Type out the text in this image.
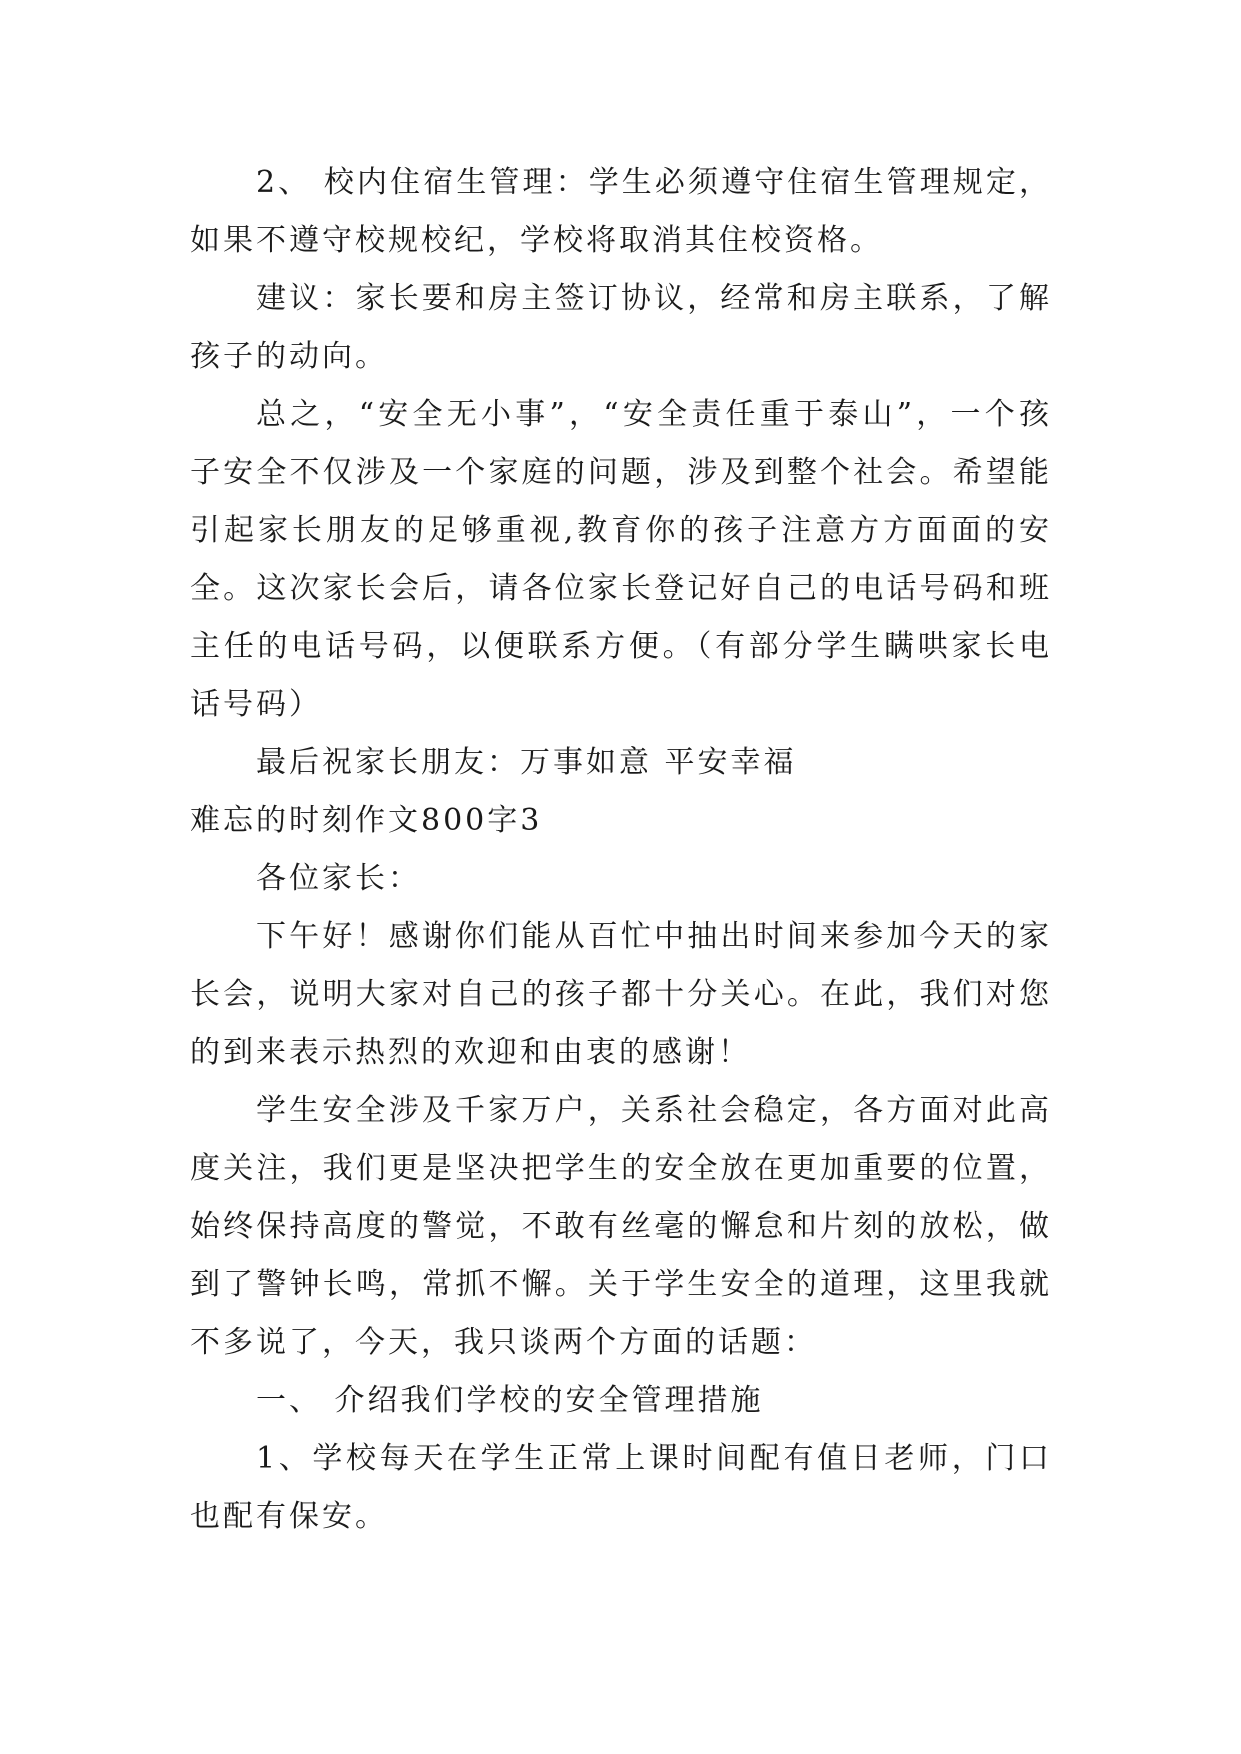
2、 校内住宿生管理：学生必须遵守住宿生管理规定，如果不遵守校规校纪，学校将取消其住校资格。

建议：家长要和房主签订协议，经常和房主联系，了解孩子的动向。

总之，“安全无小事”，“安全责任重于泰山”，一个孩子安全不仅涉及一个家庭的问题，涉及到整个社会。希望能引起家长朋友的足够重视,教育你的孩子注意方方面面的安全。这次家长会后，请各位家长登记好自己的电话号码和班主任的电话号码，以便联系方便。（有部分学生瞒哄家长电话号码）

最后祝家长朋友：万事如意 平安幸福

难忘的时刻作文800字3

各位家长：

下午好！感谢你们能从百忙中抽出时间来参加今天的家长会，说明大家对自己的孩子都十分关心。在此，我们对您的到来表示热烈的欢迎和由衷的感谢！

学生安全涉及千家万户，关系社会稳定，各方面对此高度关注，我们更是坚决把学生的安全放在更加重要的位置，始终保持高度的警觉，不敢有丝毫的懈怠和片刻的放松，做到了警钟长鸣，常抓不懈。关于学生安全的道理，这里我就不多说了，今天，我只谈两个方面的话题：

一、 介绍我们学校的安全管理措施

1、学校每天在学生正常上课时间配有值日老师，门口也配有保安。
